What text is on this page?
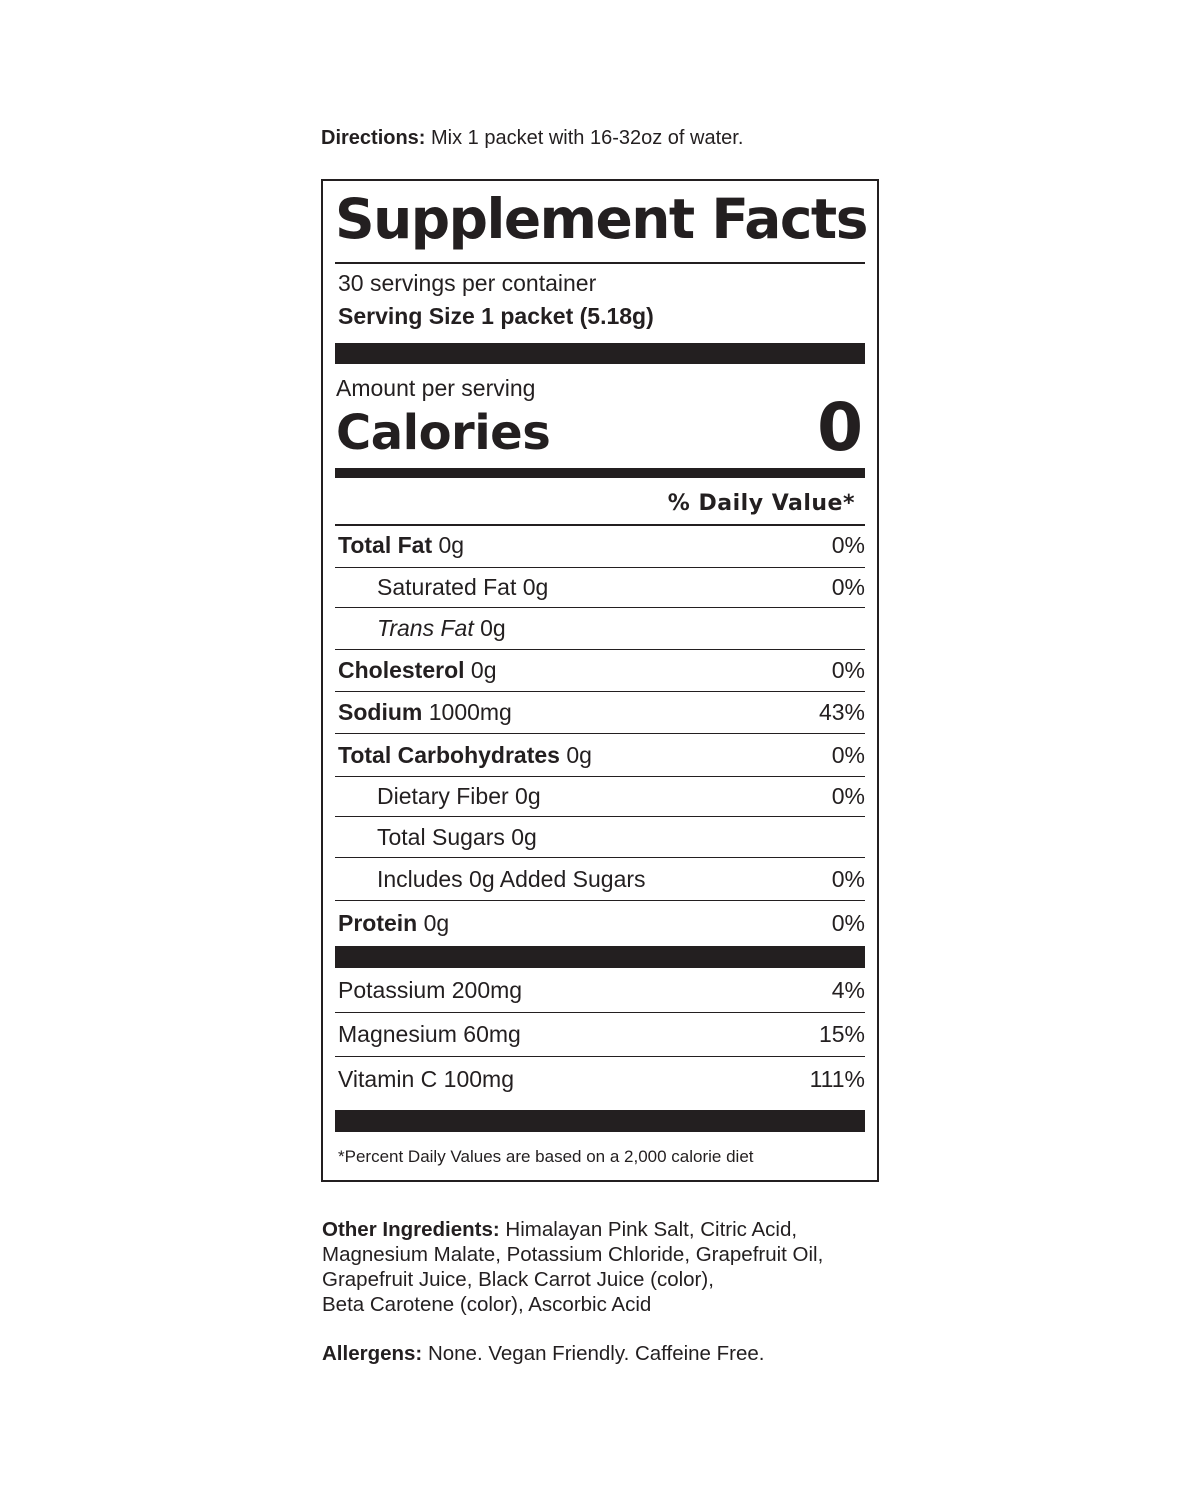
Directions: Mix 1 packet with 16-32oz of water.
Supplement Facts
30 servings per container
Serving Size 1 packet (5.18g)
Amount per serving
Calories	0
% Daily Value*
Total Fat 0g	0%
Saturated Fat 0g	0%
Trans Fat 0g
Cholesterol 0g	0%
Sodium 1000mg	43%
Total Carbohydrates 0g	0%
Dietary Fiber 0g	0%
Total Sugars 0g
Includes 0g Added Sugars	0%
Protein 0g	0%
Potassium 200mg	4%
Magnesium 60mg	15%
Vitamin C 100mg	111%
*Percent Daily Values are based on a 2,000 calorie diet
Other Ingredients: Himalayan Pink Salt, Citric Acid,
Magnesium Malate, Potassium Chloride, Grapefruit Oil,
Grapefruit Juice, Black Carrot Juice (color),
Beta Carotene (color), Ascorbic Acid
Allergens: None. Vegan Friendly. Caffeine Free.
